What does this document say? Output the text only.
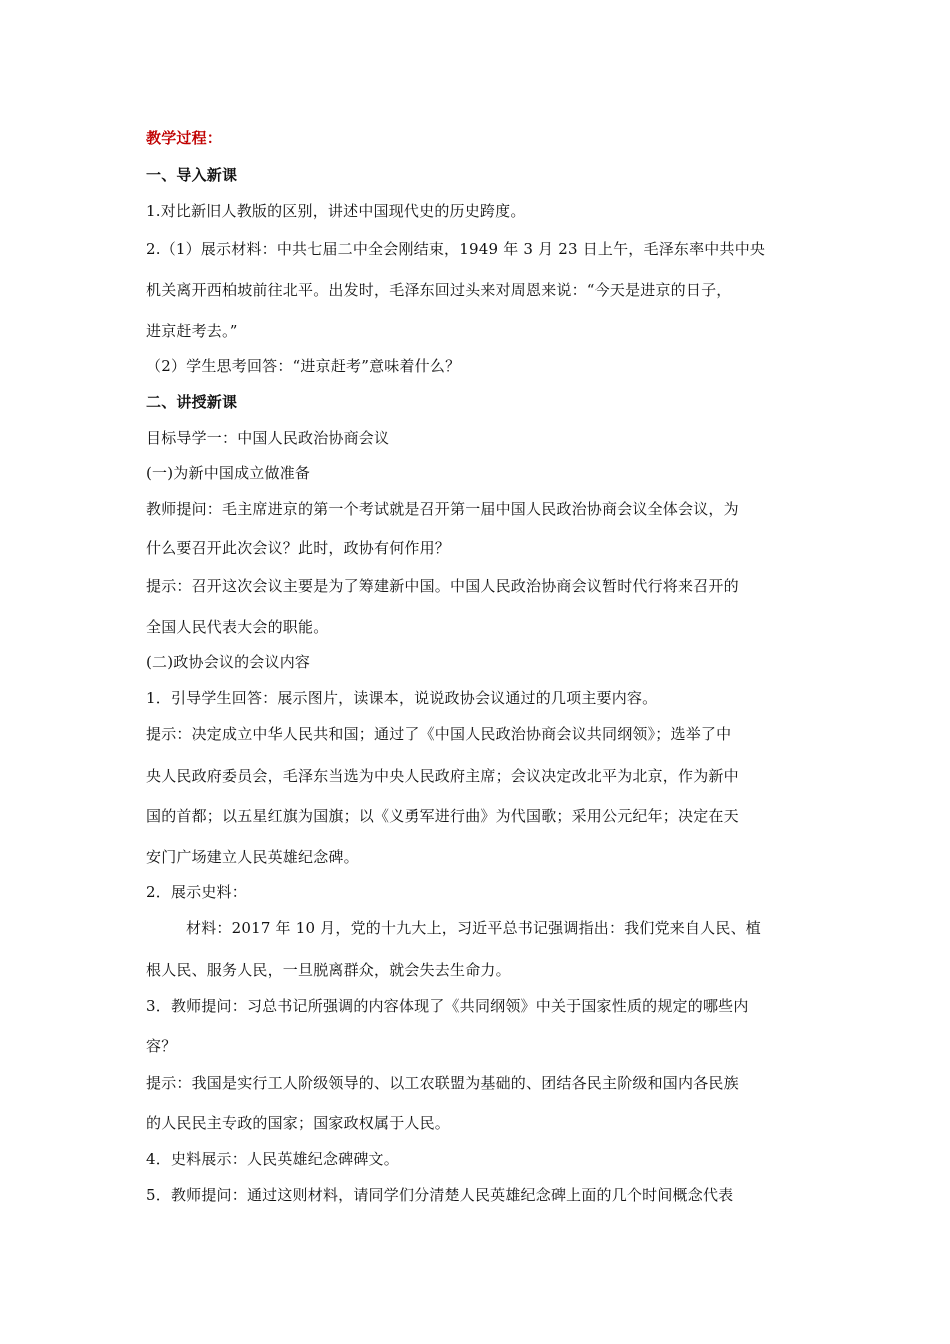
教学过程：
一、导入新课
1.对比新旧人教版的区别，讲述中国现代史的历史跨度。
2.（1）展示材料：中共七届二中全会刚结束，1949 年 3 月 23 日上午，毛泽东率中共中央
机关离开西柏坡前往北平。出发时，毛泽东回过头来对周恩来说：“今天是进京的日子，
进京赶考去。”
（2）学生思考回答：“进京赶考”意味着什么？
二、讲授新课
目标导学一：中国人民政治协商会议
(一)为新中国成立做准备
教师提问：毛主席进京的第一个考试就是召开第一届中国人民政治协商会议全体会议，为
什么要召开此次会议？此时，政协有何作用？
提示：召开这次会议主要是为了筹建新中国。中国人民政治协商会议暂时代行将来召开的
全国人民代表大会的职能。
(二)政协会议的会议内容
1．引导学生回答：展示图片，读课本，说说政协会议通过的几项主要内容。
提示：决定成立中华人民共和国；通过了《中国人民政治协商会议共同纲领》；选举了中
央人民政府委员会，毛泽东当选为中央人民政府主席；会议决定改北平为北京，作为新中
国的首都；以五星红旗为国旗；以《义勇军进行曲》为代国歌；采用公元纪年；决定在天
安门广场建立人民英雄纪念碑。
2．展示史料：
材料：2017 年 10 月，党的十九大上，习近平总书记强调指出：我们党来自人民、植
根人民、服务人民，一旦脱离群众，就会失去生命力。
3．教师提问：习总书记所强调的内容体现了《共同纲领》中关于国家性质的规定的哪些内
容？
提示：我国是实行工人阶级领导的、以工农联盟为基础的、团结各民主阶级和国内各民族
的人民民主专政的国家；国家政权属于人民。
4．史料展示：人民英雄纪念碑碑文。
5．教师提问：通过这则材料，请同学们分清楚人民英雄纪念碑上面的几个时间概念代表
